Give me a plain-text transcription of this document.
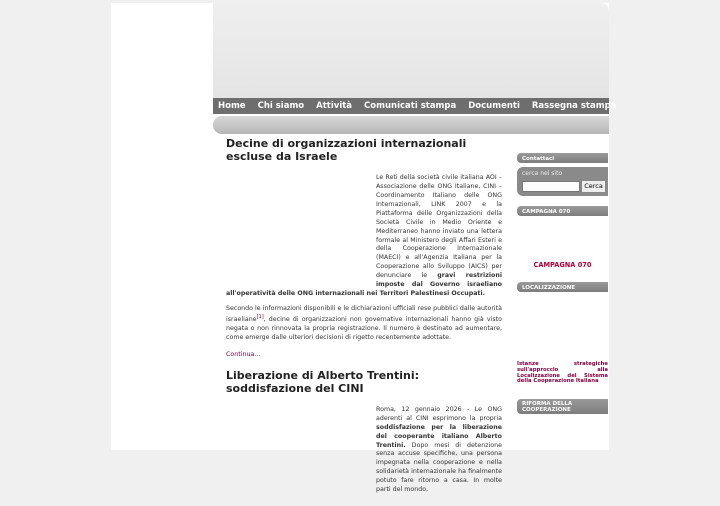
Home Chi siamo Attività Comunicati stampa Documenti Rassegna stampa
Decine di organizzazioni internazionali escluse da Israele

Le Reti della società civile italiana AOI – Associazione delle ONG Italiane, CINI – Coordinamento Italiano delle ONG Internazionali, LINK 2007 e la Piattaforma delle Organizzazioni della Società Civile in Medio Oriente e Mediterraneo hanno inviato una lettera formale al Ministero degli Affari Esteri e della Cooperazione Internazionale (MAECI) e all'Agenzia Italiana per la Cooperazione allo Sviluppo (AICS) per denunciare le gravi restrizioni imposte dal Governo israeliano all'operatività delle ONG internazionali nei Territori Palestinesi Occupati.

Secondo le informazioni disponibili e le dichiarazioni ufficiali rese pubblici dalle autorità israeliane[1], decine di organizzazioni non governative internazionali hanno già visto negata o non rinnovata la propria registrazione. Il numero è destinato ad aumentare, come emerge dalle ulteriori decisioni di rigetto recentemente adottate.

Continua...
Liberazione di Alberto Trentini: soddisfazione del CINI

Roma, 12 gennaio 2026 - Le ONG aderenti al CINI esprimono la propria soddisfazione per la liberazione del cooperante italiano Alberto Trentini. Dopo mesi di detenzione senza accuse specifiche, una persona impegnata nella cooperazione e nella solidarietà internazionale ha finalmente potuto fare ritorno a casa. In molte parti del mondo,

Contattaci
cerca nel sito
Cerca
CAMPAGNA 070
CAMPAGNA 070
LOCALIZZAZIONE
Istanze strategiche sull'approccio alla Localizzazione del Sistema della Cooperazione Italiana
RIFORMA DELLA COOPERAZIONE
